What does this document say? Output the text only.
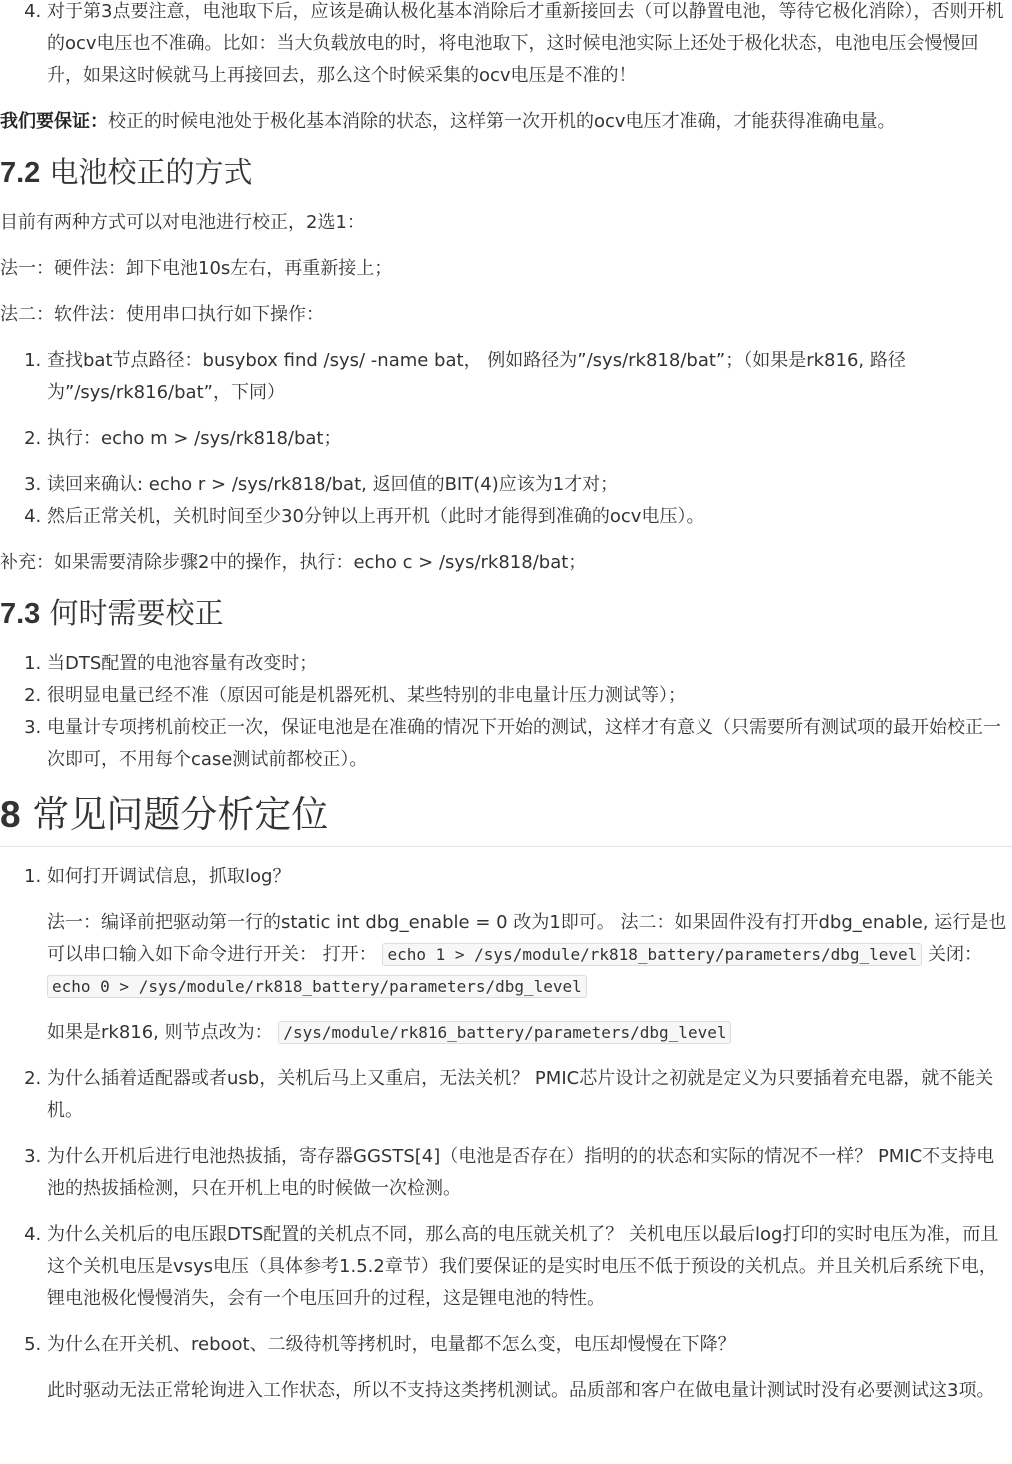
4. 对于第3点要注意，电池取下后，应该是确认极化基本消除后才重新接回去（可以静置电池，等待它极化消除），否则开机的ocv电压也不准确。比如：当大负载放电的时，将电池取下，这时候电池实际上还处于极化状态，电池电压会慢慢回升，如果这时候就马上再接回去，那么这个时候采集的ocv电压是不准的！

我们要保证：校正的时候电池处于极化基本消除的状态，这样第一次开机的ocv电压才准确，才能获得准确电量。

7.2 电池校正的方式

目前有两种方式可以对电池进行校正，2选1：

法一：硬件法：卸下电池10s左右，再重新接上；

法二：软件法：使用串口执行如下操作：

1. 查找bat节点路径：busybox find /sys/ -name bat， 例如路径为”/sys/rk818/bat”；（如果是rk816, 路径为”/sys/rk816/bat”，下同）
2. 执行：echo m > /sys/rk818/bat；
3. 读回来确认: echo r > /sys/rk818/bat, 返回值的BIT(4)应该为1才对；
4. 然后正常关机，关机时间至少30分钟以上再开机（此时才能得到准确的ocv电压）。

补充：如果需要清除步骤2中的操作，执行：echo c > /sys/rk818/bat；

7.3 何时需要校正
1. 当DTS配置的电池容量有改变时；
2. 很明显电量已经不准（原因可能是机器死机、某些特别的非电量计压力测试等）；
3. 电量计专项拷机前校正一次，保证电池是在准确的情况下开始的测试，这样才有意义（只需要所有测试项的最开始校正一次即可，不用每个case测试前都校正）。
8 常见问题分析定位

1. 如何打开调试信息，抓取log？

法一：编译前把驱动第一行的static int dbg_enable = 0 改为1即可。 法二：如果固件没有打开dbg_enable, 运行是也可以串口输入如下命令进行开关： 打开： echo 1 > /sys/module/rk818_battery/parameters/dbg_level 关闭：echo 0 > /sys/module/rk818_battery/parameters/dbg_level

如果是rk816, 则节点改为： /sys/module/rk816_battery/parameters/dbg_level

2. 为什么插着适配器或者usb，关机后马上又重启，无法关机？ PMIC芯片设计之初就是定义为只要插着充电器，就不能关机。
3. 为什么开机后进行电池热拔插，寄存器GGSTS[4]（电池是否存在）指明的的状态和实际的情况不一样？ PMIC不支持电池的热拔插检测，只在开机上电的时候做一次检测。
4. 为什么关机后的电压跟DTS配置的关机点不同，那么高的电压就关机了？ 关机电压以最后log打印的实时电压为准，而且这个关机电压是vsys电压（具体参考1.5.2章节）我们要保证的是实时电压不低于预设的关机点。并且关机后系统下电，锂电池极化慢慢消失，会有一个电压回升的过程，这是锂电池的特性。

5. 为什么在开关机、reboot、二级待机等拷机时，电量都不怎么变，电压却慢慢在下降？

此时驱动无法正常轮询进入工作状态，所以不支持这类拷机测试。品质部和客户在做电量计测试时没有必要测试这3项。
